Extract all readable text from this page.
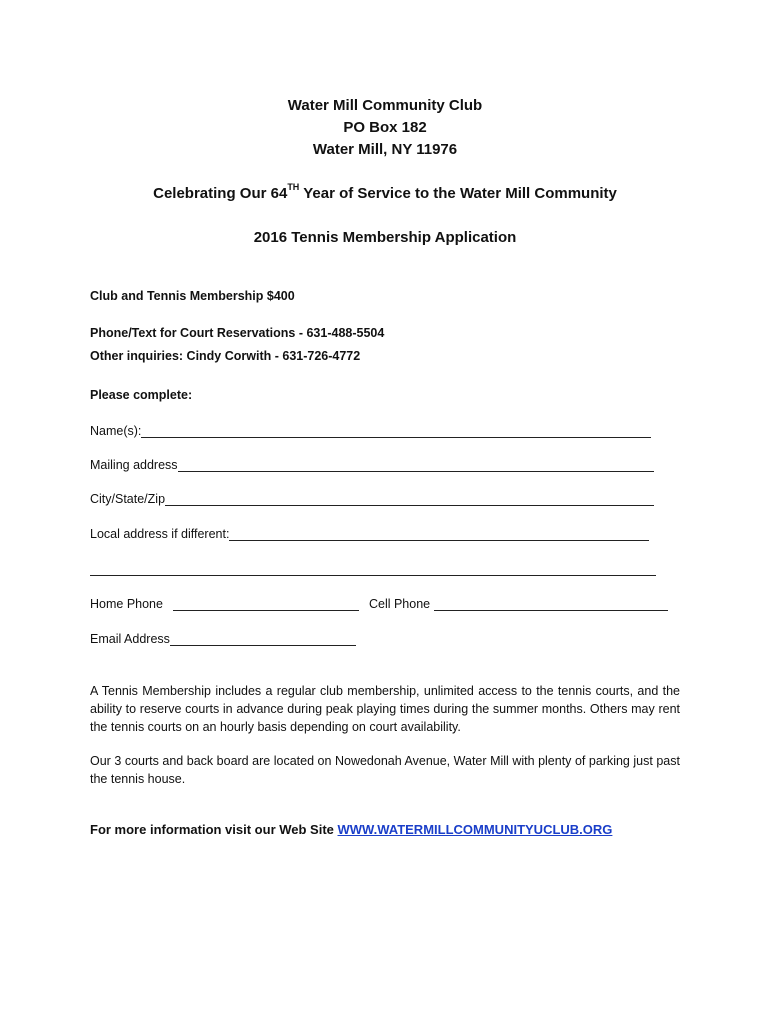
Water Mill Community Club
PO Box 182
Water Mill, NY 11976
Celebrating Our 64TH Year of Service to the Water Mill Community
2016 Tennis Membership Application
Club and Tennis Membership $400
Phone/Text for Court Reservations - 631-488-5504
Other inquiries: Cindy Corwith - 631-726-4772
Please complete:
Name(s):
Mailing address
City/State/Zip
Local address if different:
Home Phone	Cell Phone
Email Address
A Tennis Membership includes a regular club membership, unlimited access to the tennis courts, and the ability to reserve courts in advance during peak playing times during the summer months. Others may rent the tennis courts on an hourly basis depending on court availability.
Our 3 courts and back board are located on Nowedonah Avenue, Water Mill with plenty of parking just past the tennis house.
For more information visit our Web Site WWW.WATERMILLCOMMUNITYUCLUB.ORG
